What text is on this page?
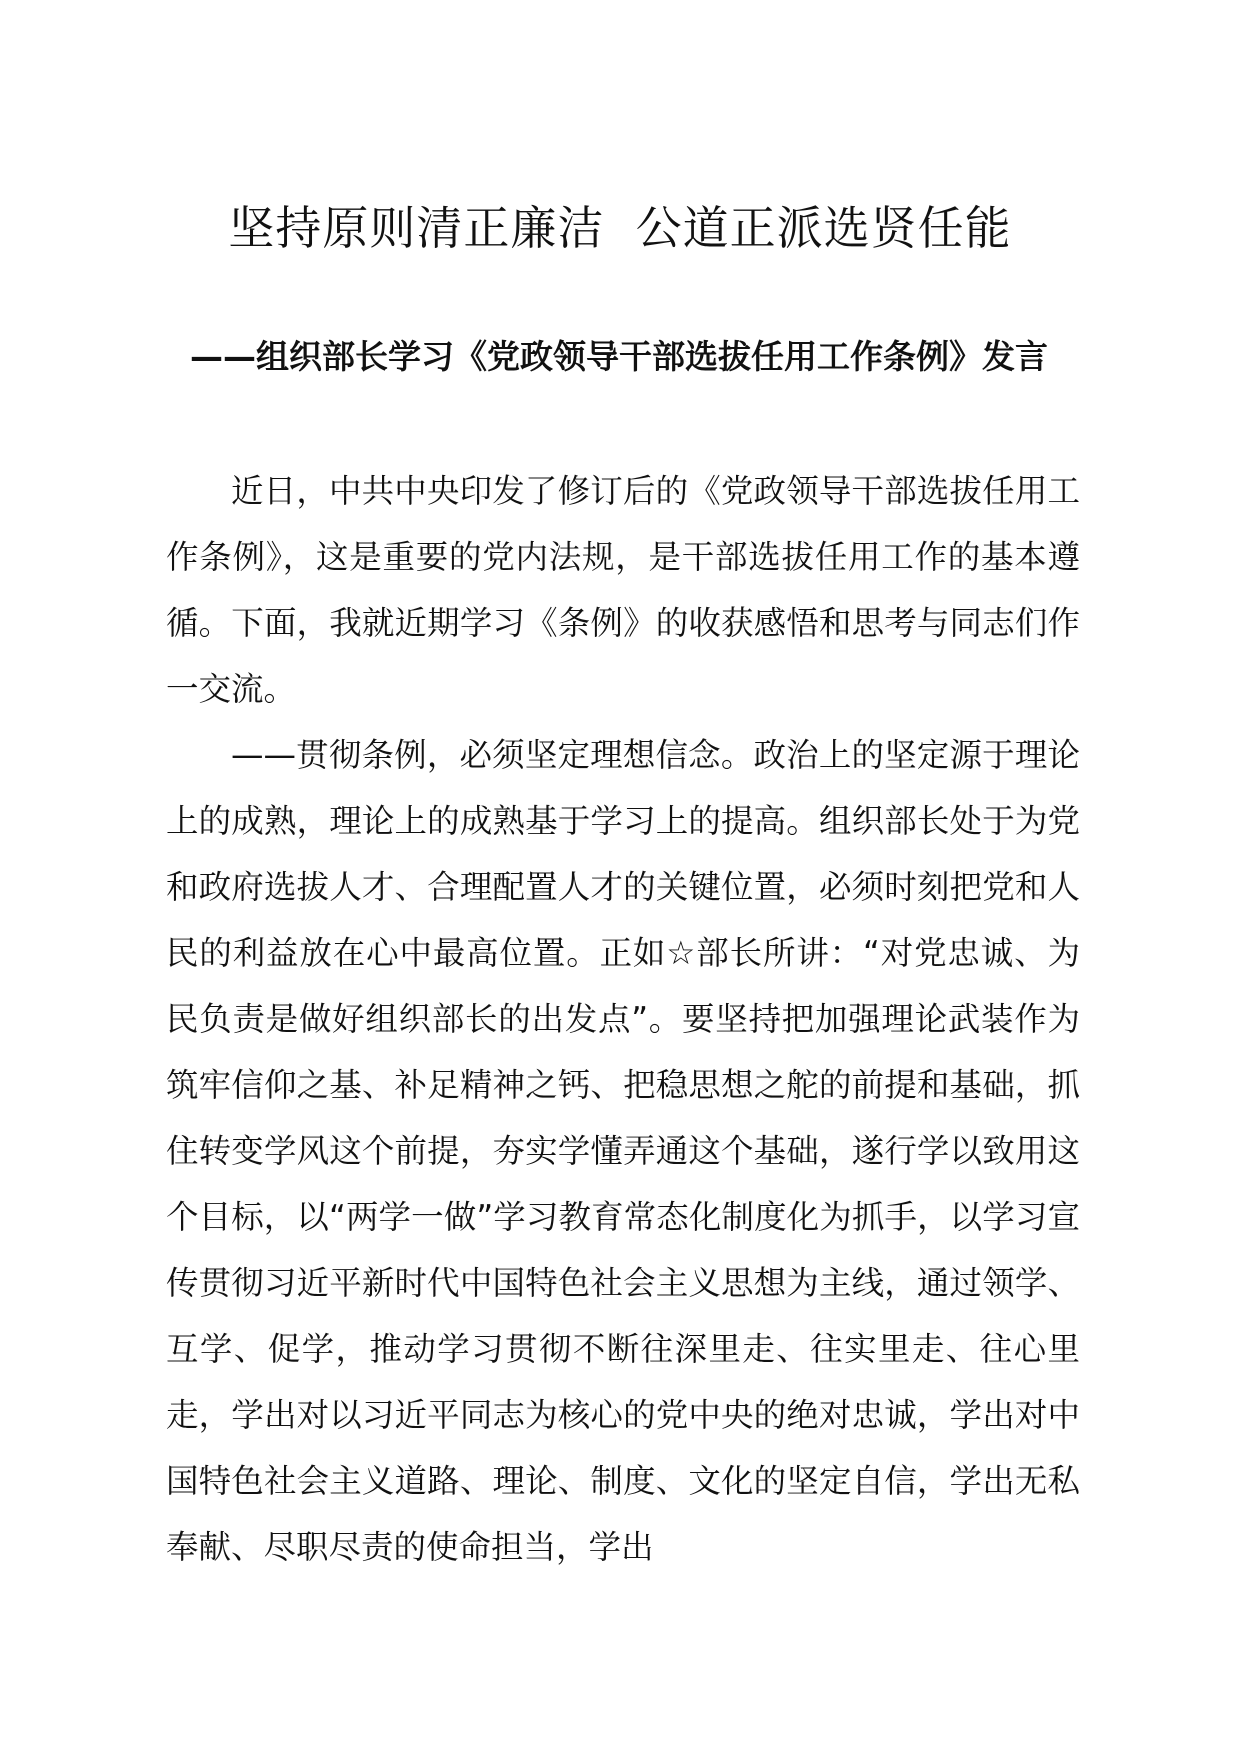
坚持原则清正廉洁  公道正派选贤任能
——组织部长学习《党政领导干部选拔任用工作条例》发言

近日，中共中央印发了修订后的《党政领导干部选拔任用工作条例》，这是重要的党内法规，是干部选拔任用工作的基本遵循。下面，我就近期学习《条例》的收获感悟和思考与同志们作一交流。

——贯彻条例，必须坚定理想信念。政治上的坚定源于理论上的成熟，理论上的成熟基于学习上的提高。组织部长处于为党和政府选拔人才、合理配置人才的关键位置，必须时刻把党和人民的利益放在心中最高位置。正如☆部长所讲：“对党忠诚、为民负责是做好组织部长的出发点”。要坚持把加强理论武装作为筑牢信仰之基、补足精神之钙、把稳思想之舵的前提和基础，抓住转变学风这个前提，夯实学懂弄通这个基础，遂行学以致用这个目标，以“两学一做”学习教育常态化制度化为抓手，以学习宣传贯彻习近平新时代中国特色社会主义思想为主线，通过领学、互学、促学，推动学习贯彻不断往深里走、往实里走、往心里走，学出对以习近平同志为核心的党中央的绝对忠诚，学出对中国特色社会主义道路、理论、制度、文化的坚定自信，学出无私奉献、尽职尽责的使命担当，学出
